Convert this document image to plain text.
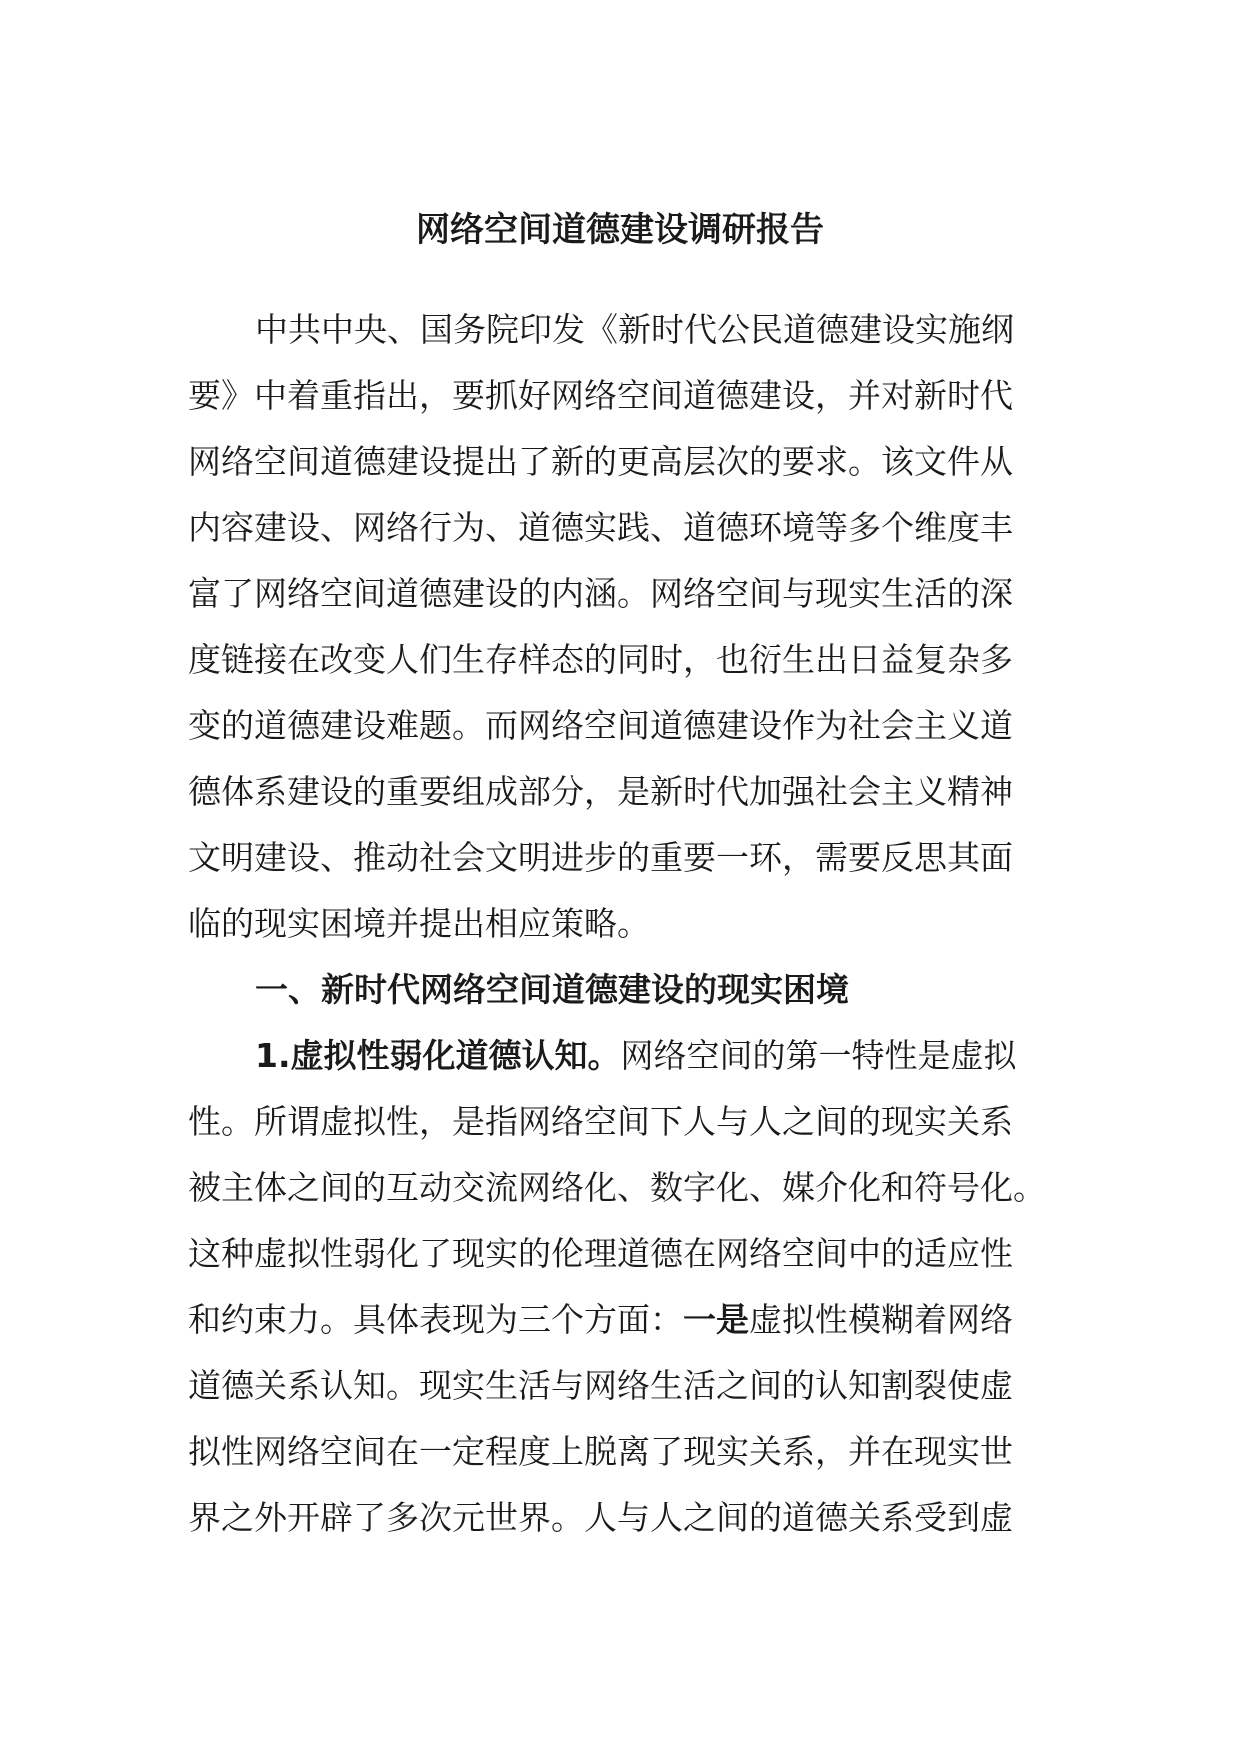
网络空间道德建设调研报告
中共中央、国务院印发《新时代公民道德建设实施纲
要》中着重指出，要抓好网络空间道德建设，并对新时代
网络空间道德建设提出了新的更高层次的要求。该文件从
内容建设、网络行为、道德实践、道德环境等多个维度丰
富了网络空间道德建设的内涵。网络空间与现实生活的深
度链接在改变人们生存样态的同时，也衍生出日益复杂多
变的道德建设难题。而网络空间道德建设作为社会主义道
德体系建设的重要组成部分，是新时代加强社会主义精神
文明建设、推动社会文明进步的重要一环，需要反思其面
临的现实困境并提出相应策略。
一、新时代网络空间道德建设的现实困境
1.虚拟性弱化道德认知。网络空间的第一特性是虚拟
性。所谓虚拟性，是指网络空间下人与人之间的现实关系
被主体之间的互动交流网络化、数字化、媒介化和符号化。
这种虚拟性弱化了现实的伦理道德在网络空间中的适应性
和约束力。具体表现为三个方面：一是虚拟性模糊着网络
道德关系认知。现实生活与网络生活之间的认知割裂使虚
拟性网络空间在一定程度上脱离了现实关系，并在现实世
界之外开辟了多次元世界。人与人之间的道德关系受到虚
